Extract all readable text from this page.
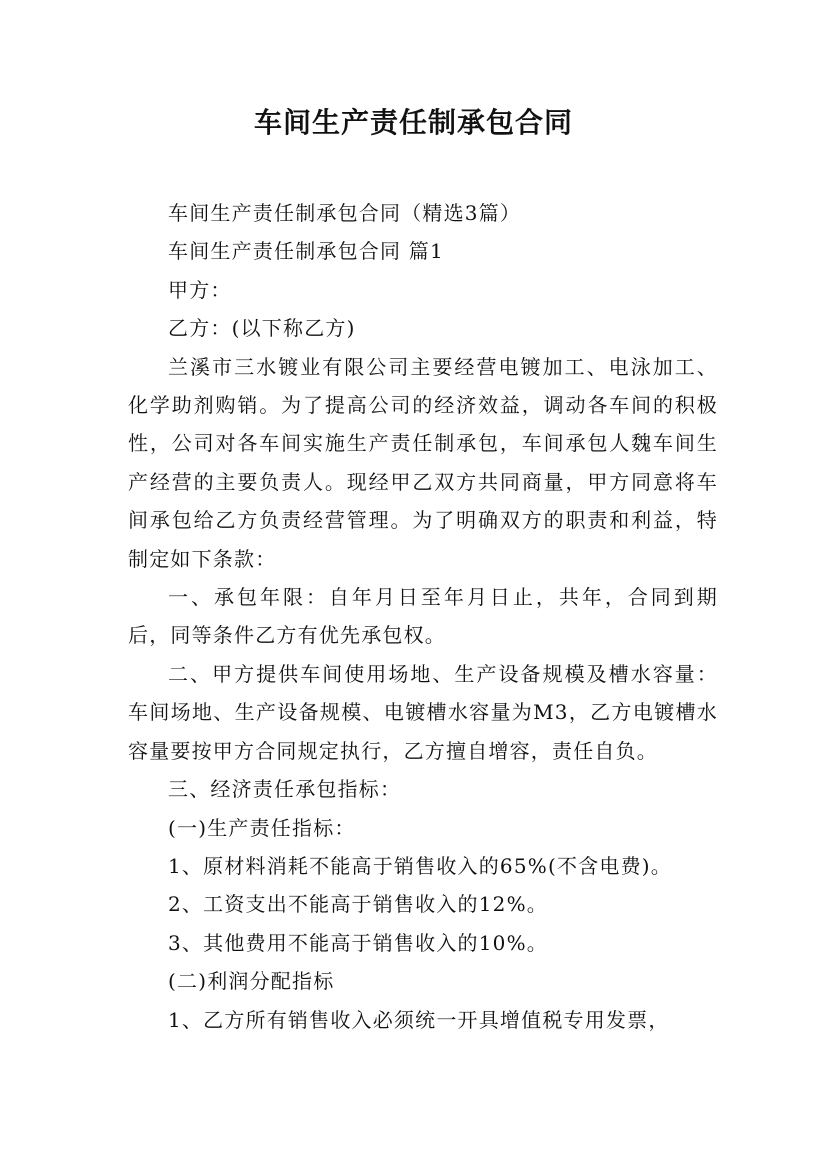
车间生产责任制承包合同

车间生产责任制承包合同（精选3篇）

车间生产责任制承包合同 篇1

甲方：

乙方：(以下称乙方)

兰溪市三水镀业有限公司主要经营电镀加工、电泳加工、化学助剂购销。为了提高公司的经济效益，调动各车间的积极性，公司对各车间实施生产责任制承包，车间承包人魏车间生产经营的主要负责人。现经甲乙双方共同商量，甲方同意将车间承包给乙方负责经营管理。为了明确双方的职责和利益，特制定如下条款：

一、承包年限：自年月日至年月日止，共年，合同到期后，同等条件乙方有优先承包权。

二、甲方提供车间使用场地、生产设备规模及槽水容量：车间场地、生产设备规模、电镀槽水容量为M3，乙方电镀槽水容量要按甲方合同规定执行，乙方擅自增容，责任自负。

三、经济责任承包指标：

(一)生产责任指标：

1、原材料消耗不能高于销售收入的65%(不含电费)。

2、工资支出不能高于销售收入的12%。

3、其他费用不能高于销售收入的10%。

(二)利润分配指标

1、乙方所有销售收入必须统一开具增值税专用发票，
